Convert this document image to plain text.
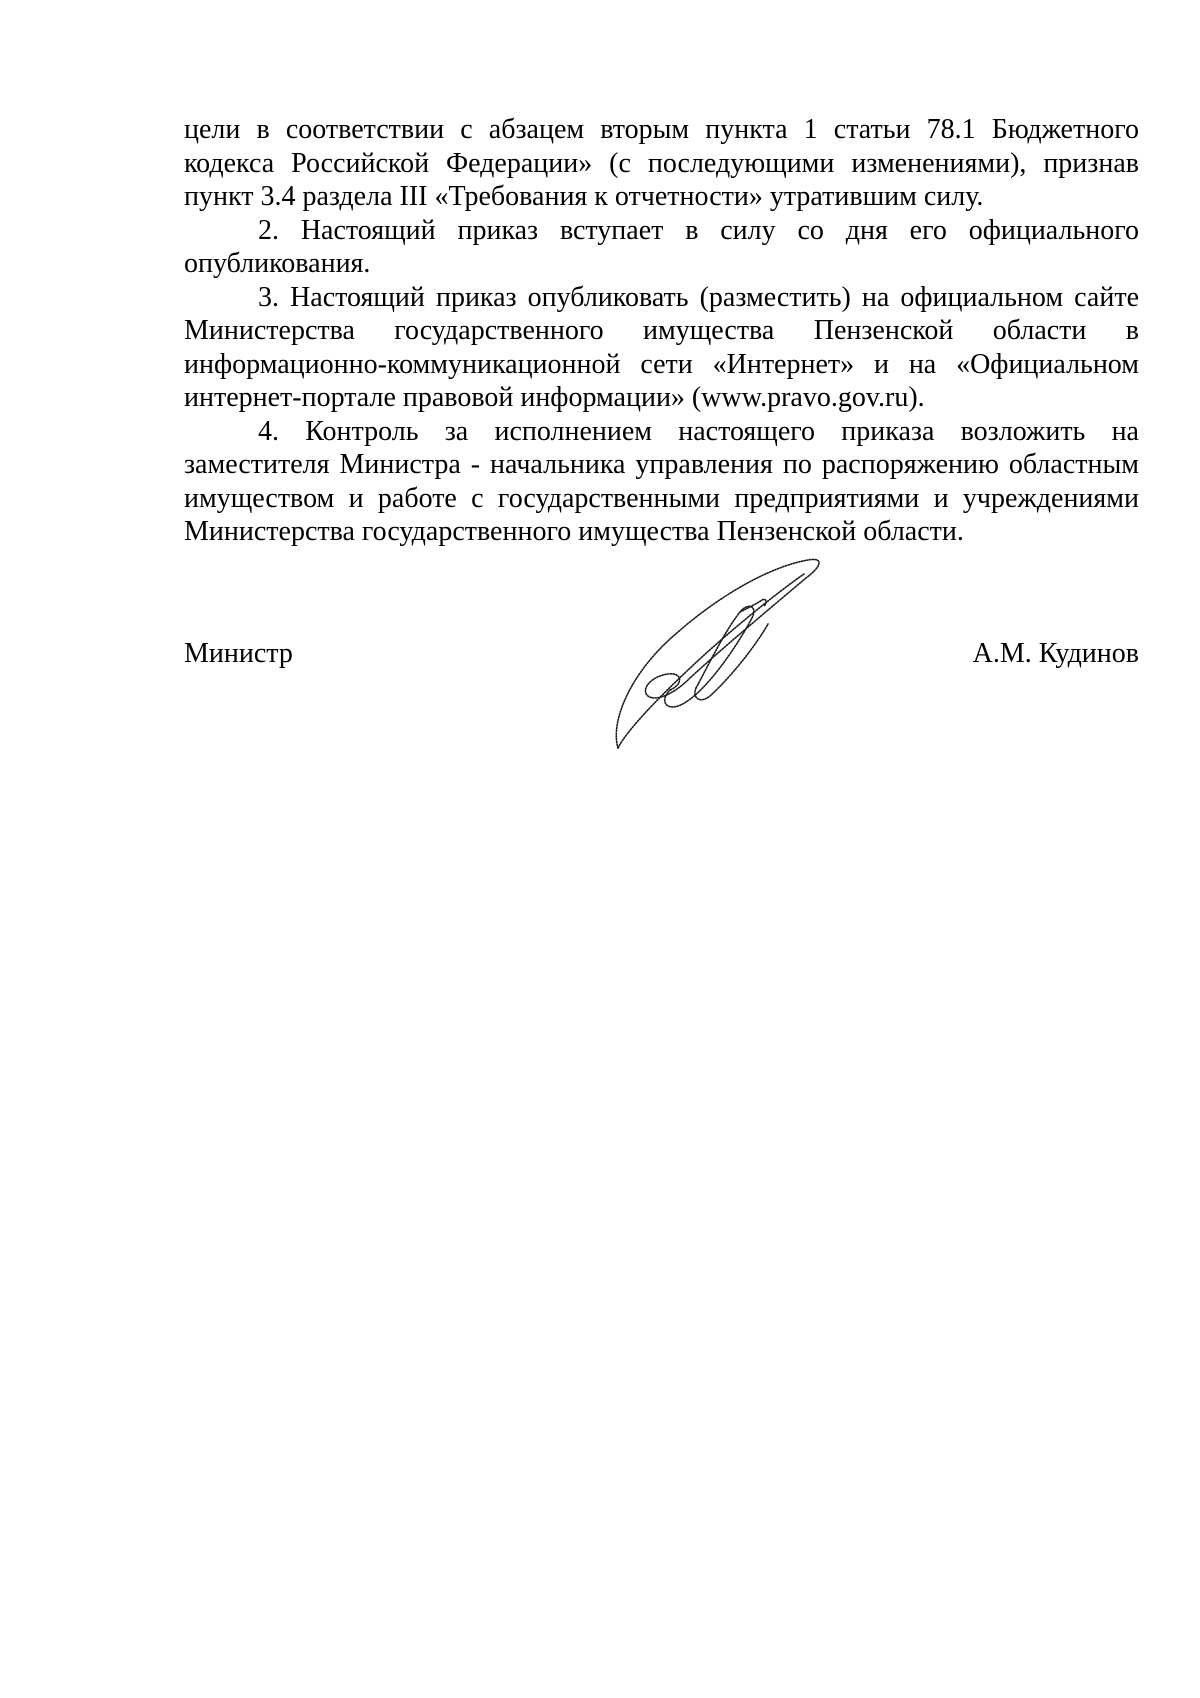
цели в соответствии с абзацем вторым пункта 1 статьи 78.1 Бюджетного кодекса Российской Федерации» (с последующими изменениями), признав пункт 3.4 раздела III «Требования к отчетности» утратившим силу.

2. Настоящий приказ вступает в силу со дня его официального опубликования.

3. Настоящий приказ опубликовать (разместить) на официальном сайте Министерства государственного имущества Пензенской области в информационно-коммуникационной сети «Интернет» и на «Официальном интернет-портале правовой информации» (www.pravo.gov.ru).

4. Контроль за исполнением настоящего приказа возложить на заместителя Министра - начальника управления по распоряжению областным имуществом и работе с государственными предприятиями и учреждениями Министерства государственного имущества Пензенской области.

Министр	А.М. Кудинов
